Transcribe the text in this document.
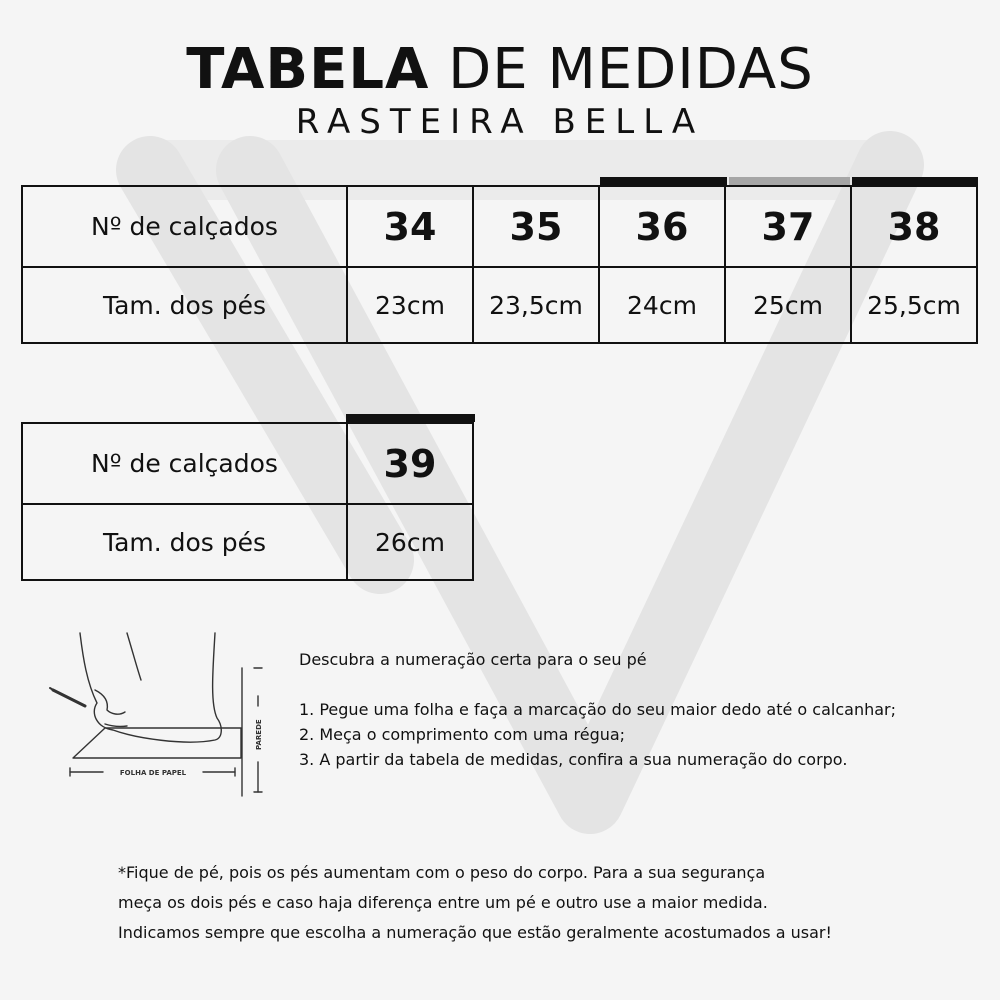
TABELA DE MEDIDAS
RASTEIRA BELLA
Nº de calçados	34	35	36	37	38
Tam. dos pés	23cm	23,5cm	24cm	25cm	25,5cm
Nº de calçados	39
Tam. dos pés	26cm
FOLHA DE PAPEL
PAREDE
Descubra a numeração certa para o seu pé
1. Pegue uma folha e faça a marcação do seu maior dedo até o calcanhar;
2. Meça o comprimento com uma régua;
3. A partir da tabela de medidas, confira a sua numeração do corpo.
*Fique de pé, pois os pés aumentam com o peso do corpo. Para a sua segurança
meça os dois pés e caso haja diferença entre um pé e outro use a maior medida.
Indicamos sempre que escolha a numeração que estão geralmente acostumados a usar!
